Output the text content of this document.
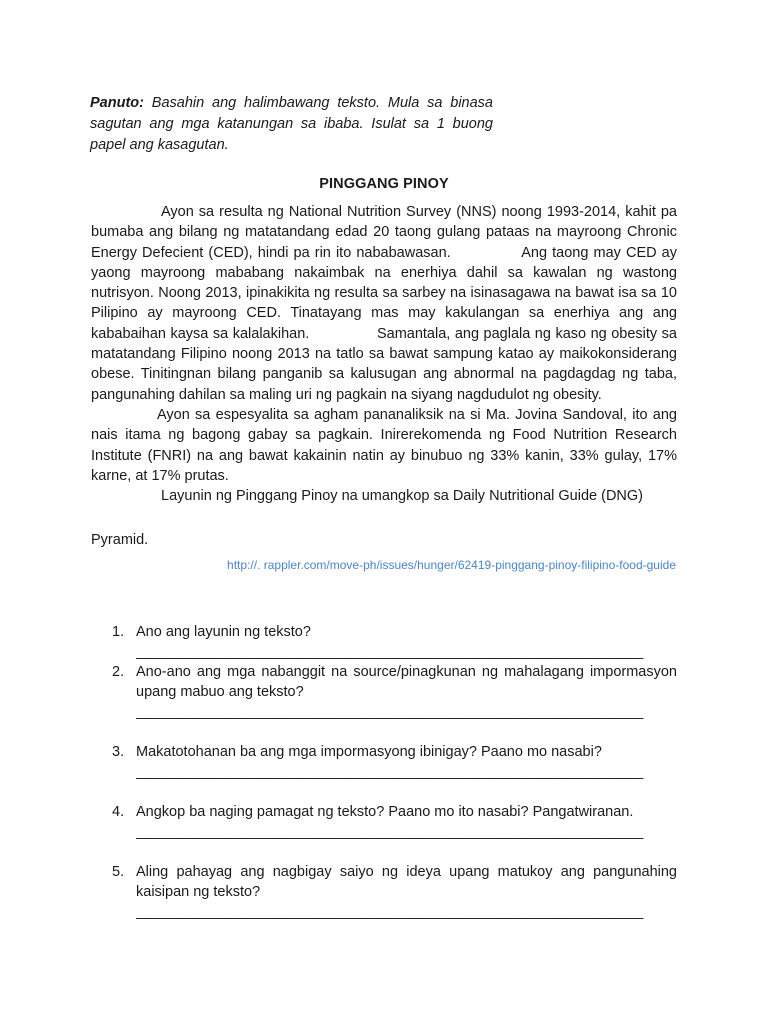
Panuto: Basahin ang halimbawang teksto. Mula sa binasa sagutan ang mga katanungan sa ibaba. Isulat sa 1 buong papel ang kasagutan.
PINGGANG PINOY

Ayon sa resulta ng National Nutrition Survey (NNS) noong 1993-2014, kahit pa bumaba ang bilang ng matatandang edad 20 taong gulang pataas na mayroong Chronic Energy Defecient (CED), hindi pa rin ito nababawasan.              Ang taong may CED ay yaong mayroong mababang nakaimbak na enerhiya dahil sa kawalan ng wastong nutrisyon. Noong 2013, ipinakikita ng resulta sa sarbey na isinasagawa na bawat isa sa 10 Pilipino ay mayroong CED. Tinatayang mas may kakulangan sa enerhiya ang ang kababaihan kaysa sa kalalakihan.               Samantala, ang paglala ng kaso ng obesity sa matatandang Filipino noong 2013 na tatlo sa bawat sampung katao ay maikokonsiderang obese. Tinitingnan bilang panganib sa kalusugan ang abnormal na pagdagdag ng taba, pangunahing dahilan sa maling uri ng pagkain na siyang nagdudulot ng obesity.

Ayon sa espesyalita sa agham pananaliksik na si Ma. Jovina Sandoval, ito ang nais itama ng bagong gabay sa pagkain. Inirerekomenda ng Food Nutrition Research Institute (FNRI) na ang bawat kakainin natin ay binubuo ng 33% kanin, 33% gulay, 17% karne, at 17% prutas.

Layunin ng Pinggang Pinoy na umangkop sa Daily Nutritional Guide (DNG)

Pyramid.
http://. rappler.com/move-ph/issues/hunger/62419-pinggang-pinoy-filipino-food-guide
1. Ano ang layunin ng teksto?
___________________________________________________________________
2. Ano-ano ang mga nabanggit na source/pinagkunan ng mahalagang impormasyon upang mabuo ang teksto?
___________________________________________________________________
3. Makatotohanan ba ang mga impormasyong ibinigay? Paano mo nasabi?
___________________________________________________________________
4. Angkop ba naging pamagat ng teksto? Paano mo ito nasabi? Pangatwiranan.
___________________________________________________________________
5. Aling pahayag ang nagbigay saiyo ng ideya upang matukoy ang pangunahing kaisipan ng teksto?
___________________________________________________________________
